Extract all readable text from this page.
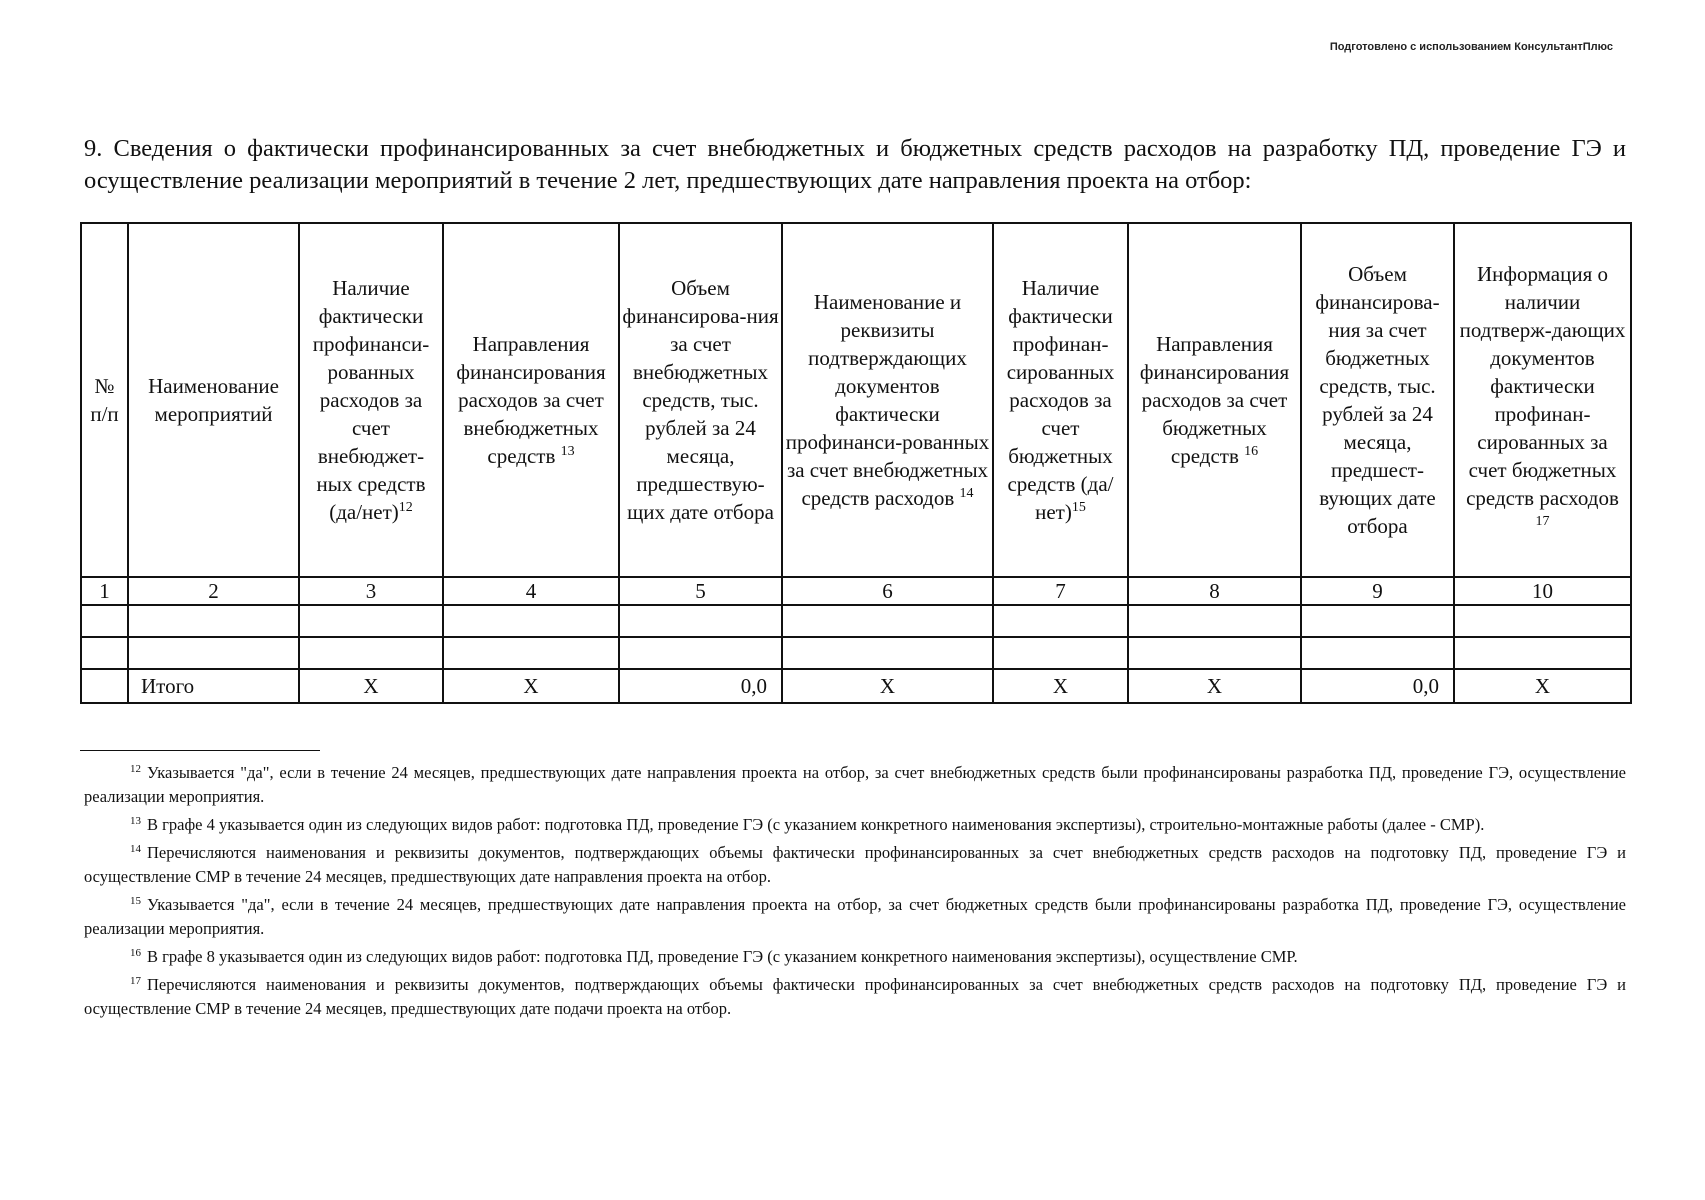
Подготовлено с использованием КонсультантПлюс
9. Сведения о фактически профинансированных за счет внебюджетных и бюджетных средств расходов на разработку ПД, проведение ГЭ и осуществление реализации мероприятий в течение 2 лет, предшествующих дате направления проекта на отбор:
№ п/п	Наименование мероприятий	Наличие фактически профинанси-рованных расходов за счет внебюджет-ных средств $(да/нет)^{12}$	Направления финансирования расходов за счет внебюджетных средств $^{13}$	Объем финансирова-ния за счет внебюджетных средств, тыс. рублей за 24 месяца, предшествую-щих дате отбора	Наименование и реквизиты подтверждающих документов фактически профинанси-рованных за счет внебюджетных средств расходов $^{14}$	Наличие фактически профинан-сированных расходов за счет бюджетных средств $(да/нет)^{15}$	Направления финансирования расходов за счет бюджетных средств $^{16}$	Объем финансирова-ния за счет бюджетных средств, тыс. рублей за 24 месяца, предшест-вующих дате отбора	Информация о наличии подтверж-дающих документов фактически профинан-сированных за счет бюджетных средств расходов $^{17}$
1	2	3	4	5	6	7	8	9	10

	Итого	X	X	0,0	X	X	X	0,0	X

$^{12}$ Указывается "да", если в течение 24 месяцев, предшествующих дате направления проекта на отбор, за счет внебюджетных средств были профинансированы разработка ПД, проведение ГЭ, осуществление реализации мероприятия.

$^{13}$ В графе 4 указывается один из следующих видов работ: подготовка ПД, проведение ГЭ (с указанием конкретного наименования экспертизы), строительно-монтажные работы (далее - СМР).

$^{14}$ Перечисляются наименования и реквизиты документов, подтверждающих объемы фактически профинансированных за счет внебюджетных средств расходов на подготовку ПД, проведение ГЭ и осуществление СМР в течение 24 месяцев, предшествующих дате направления проекта на отбор.

$^{15}$ Указывается "да", если в течение 24 месяцев, предшествующих дате направления проекта на отбор, за счет бюджетных средств были профинансированы разработка ПД, проведение ГЭ, осуществление реализации мероприятия.

$^{16}$ В графе 8 указывается один из следующих видов работ: подготовка ПД, проведение ГЭ (с указанием конкретного наименования экспертизы), осуществление СМР.

$^{17}$ Перечисляются наименования и реквизиты документов, подтверждающих объемы фактически профинансированных за счет внебюджетных средств расходов на подготовку ПД, проведение ГЭ и осуществление СМР в течение 24 месяцев, предшествующих дате подачи проекта на отбор.
